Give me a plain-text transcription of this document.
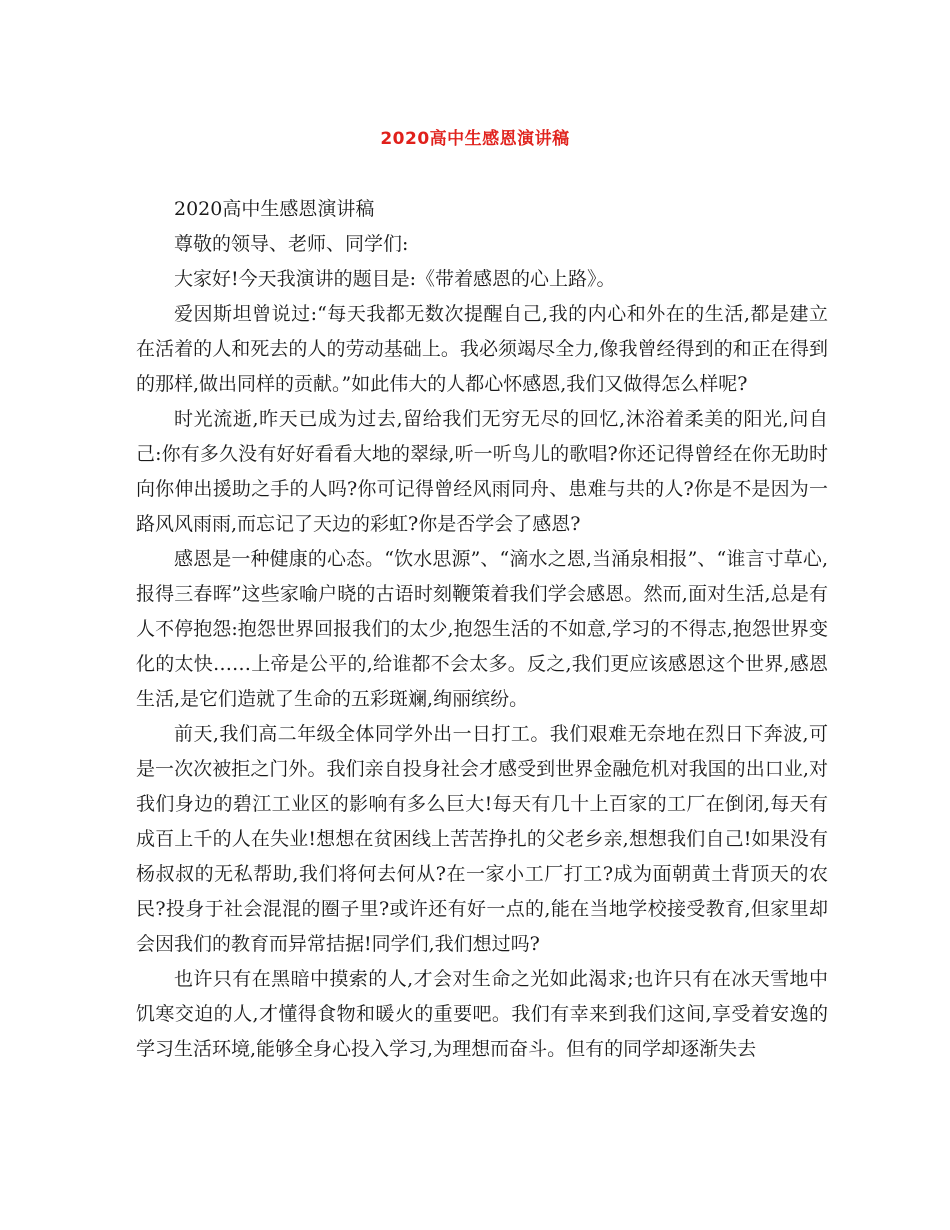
2020高中生感恩演讲稿

2020高中生感恩演讲稿

尊敬的领导、老师、同学们:

大家好!今天我演讲的题目是:《带着感恩的心上路》。

爱因斯坦曾说过:“每天我都无数次提醒自己,我的内心和外在的生活,都是建立在活着的人和死去的人的劳动基础上。我必须竭尽全力,像我曾经得到的和正在得到的那样,做出同样的贡献。”如此伟大的人都心怀感恩,我们又做得怎么样呢?

时光流逝,昨天已成为过去,留给我们无穷无尽的回忆,沐浴着柔美的阳光,问自己:你有多久没有好好看看大地的翠绿,听一听鸟儿的歌唱?你还记得曾经在你无助时向你伸出援助之手的人吗?你可记得曾经风雨同舟、患难与共的人?你是不是因为一路风风雨雨,而忘记了天边的彩虹?你是否学会了感恩?

感恩是一种健康的心态。“饮水思源”、“滴水之恩,当涌泉相报”、“谁言寸草心,报得三春晖”这些家喻户晓的古语时刻鞭策着我们学会感恩。然而,面对生活,总是有人不停抱怨:抱怨世界回报我们的太少,抱怨生活的不如意,学习的不得志,抱怨世界变化的太快……上帝是公平的,给谁都不会太多。反之,我们更应该感恩这个世界,感恩生活,是它们造就了生命的五彩斑斓,绚丽缤纷。

前天,我们高二年级全体同学外出一日打工。我们艰难无奈地在烈日下奔波,可是一次次被拒之门外。我们亲自投身社会才感受到世界金融危机对我国的出口业,对我们身边的碧江工业区的影响有多么巨大!每天有几十上百家的工厂在倒闭,每天有成百上千的人在失业!想想在贫困线上苦苦挣扎的父老乡亲,想想我们自己!如果没有杨叔叔的无私帮助,我们将何去何从?在一家小工厂打工?成为面朝黄土背顶天的农民?投身于社会混混的圈子里?或许还有好一点的,能在当地学校接受教育,但家里却会因我们的教育而异常拮据!同学们,我们想过吗?

也许只有在黑暗中摸索的人,才会对生命之光如此渴求;也许只有在冰天雪地中饥寒交迫的人,才懂得食物和暖火的重要吧。我们有幸来到我们这间,享受着安逸的学习生活环境,能够全身心投入学习,为理想而奋斗。但有的同学却逐渐失去
